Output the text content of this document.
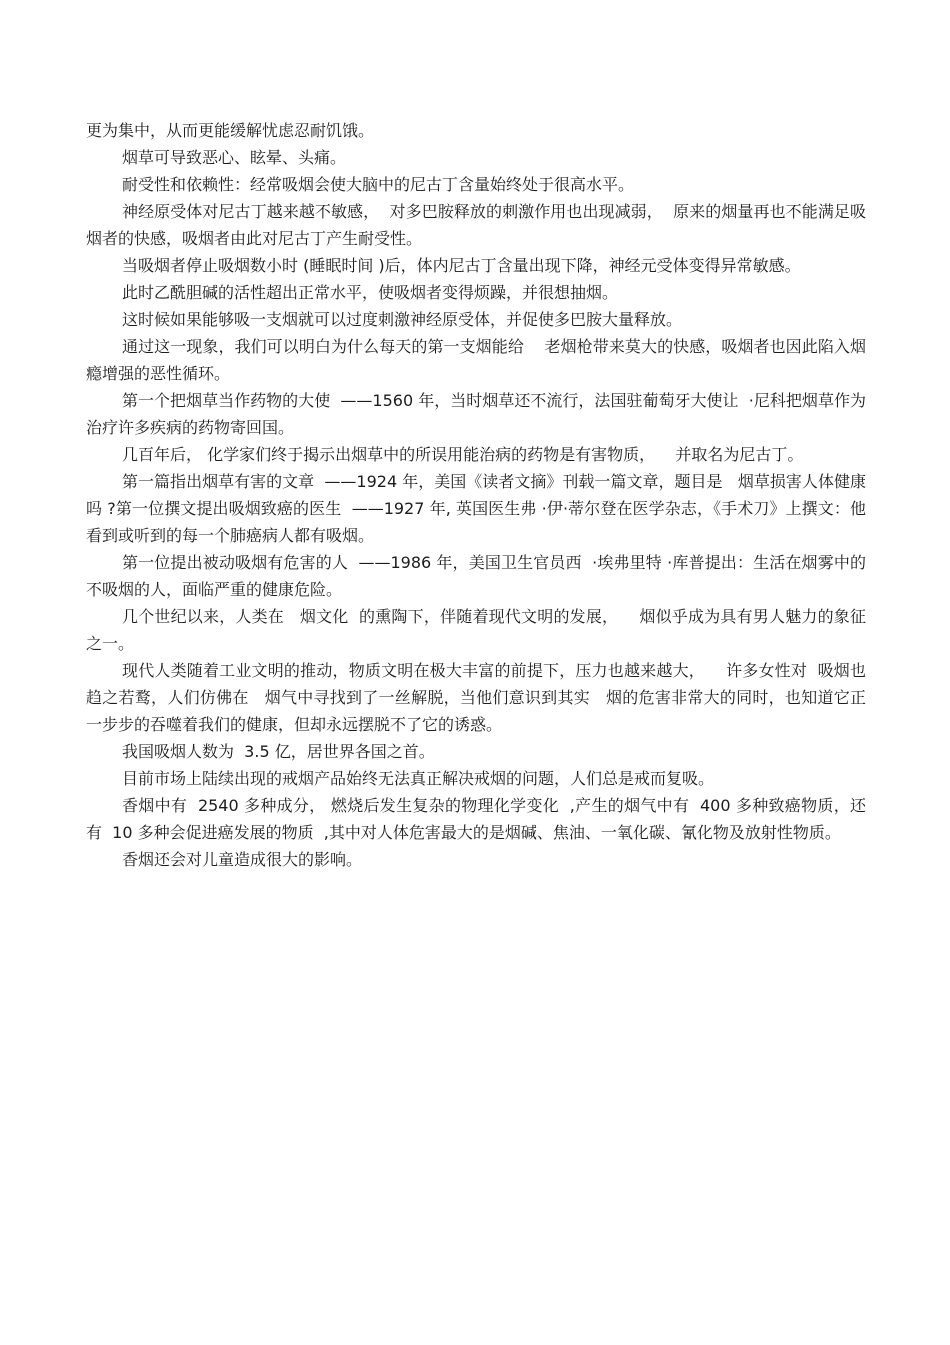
更为集中，从而更能缓解忧虑忍耐饥饿。

烟草可导致恶心、眩晕、头痛。

耐受性和依赖性：经常吸烟会使大脑中的尼古丁含量始终处于很高水平。

神经原受体对尼古丁越来越不敏感，  对多巴胺释放的刺激作用也出现减弱，  原来的烟量再也不能满足吸烟者的快感，吸烟者由此对尼古丁产生耐受性。

当吸烟者停止吸烟数小时 (睡眠时间 )后，体内尼古丁含量出现下降，神经元受体变得异常敏感。

此时乙酰胆碱的活性超出正常水平，使吸烟者变得烦躁，并很想抽烟。

这时候如果能够吸一支烟就可以过度刺激神经原受体，并促使多巴胺大量释放。

通过这一现象，我们可以明白为什么每天的第一支烟能给    老烟枪带来莫大的快感，吸烟者也因此陷入烟瘾增强的恶性循环。

第一个把烟草当作药物的大使  ——1560 年，当时烟草还不流行，法国驻葡萄牙大使让  ·尼科把烟草作为治疗许多疾病的药物寄回国。

几百年后， 化学家们终于揭示出烟草中的所误用能治病的药物是有害物质，    并取名为尼古丁。

第一篇指出烟草有害的文章  ——1924 年，美国《读者文摘》刊载一篇文章，题目是   烟草损害人体健康吗 ?第一位撰文提出吸烟致癌的医生  ——1927 年, 英国医生弗 ·伊·蒂尔登在医学杂志，《手术刀》上撰文：他看到或听到的每一个肺癌病人都有吸烟。

第一位提出被动吸烟有危害的人  ——1986 年，美国卫生官员西  ·埃弗里特 ·库普提出：生活在烟雾中的不吸烟的人，面临严重的健康危险。

几个世纪以来，人类在   烟文化  的熏陶下，伴随着现代文明的发展，    烟似乎成为具有男人魅力的象征之一。

现代人类随着工业文明的推动，物质文明在极大丰富的前提下，压力也越来越大，    许多女性对  吸烟也趋之若鹜，人们仿佛在   烟气中寻找到了一丝解脱，当他们意识到其实   烟的危害非常大的同时，也知道它正一步步的吞噬着我们的健康，但却永远摆脱不了它的诱惑。

我国吸烟人数为  3.5 亿，居世界各国之首。

目前市场上陆续出现的戒烟产品始终无法真正解决戒烟的问题，人们总是戒而复吸。

香烟中有  2540 多种成分， 燃烧后发生复杂的物理化学变化  ,产生的烟气中有  400 多种致癌物质，还有  10 多种会促进癌发展的物质  ,其中对人体危害最大的是烟碱、焦油、一氧化碳、氰化物及放射性物质。

香烟还会对儿童造成很大的影响。
